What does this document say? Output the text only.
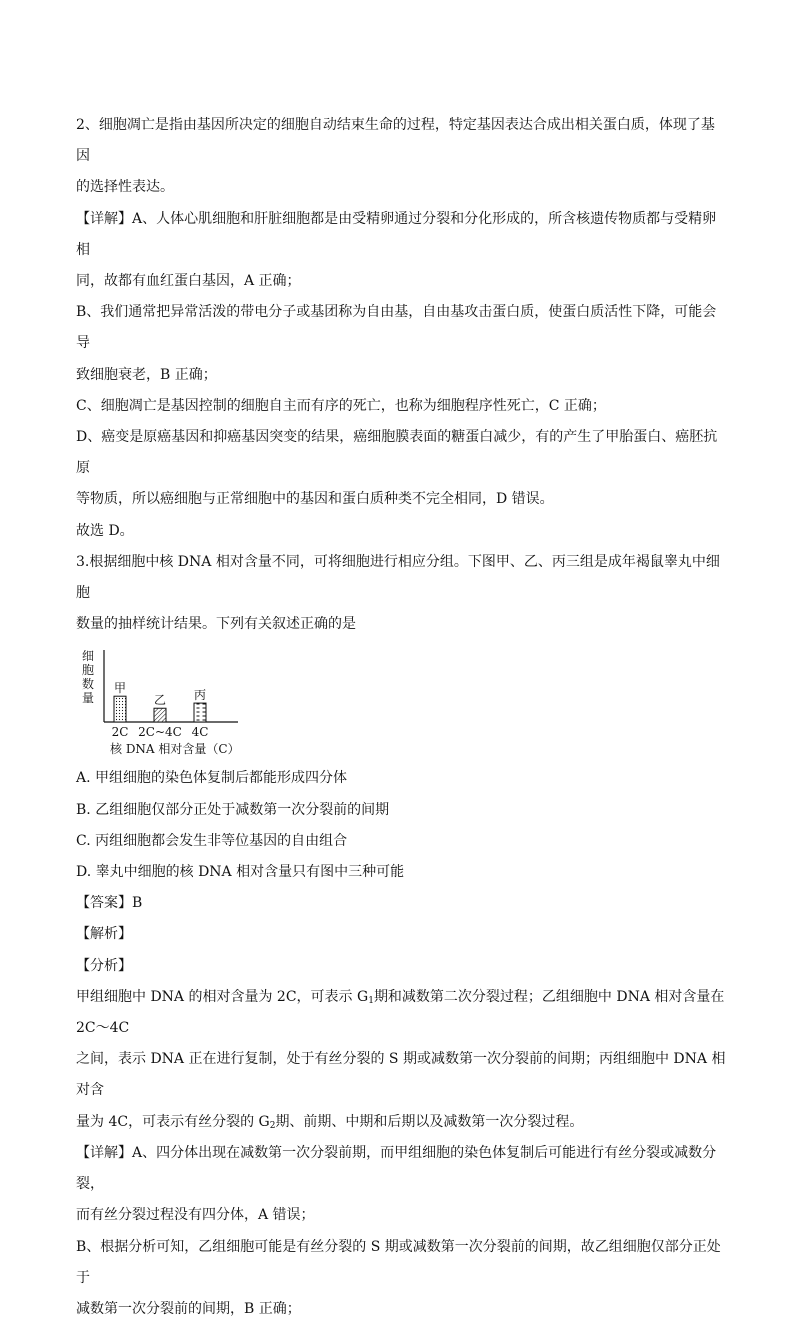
2、细胞凋亡是指由基因所决定的细胞自动结束生命的过程，特定基因表达合成出相关蛋白质，体现了基因

的选择性表达。

【详解】A、人体心肌细胞和肝脏细胞都是由受精卵通过分裂和分化形成的，所含核遗传物质都与受精卵相

同，故都有血红蛋白基因，A 正确；

B、我们通常把异常活泼的带电分子或基团称为自由基，自由基攻击蛋白质，使蛋白质活性下降，可能会导

致细胞衰老，B 正确；

C、细胞凋亡是基因控制的细胞自主而有序的死亡，也称为细胞程序性死亡，C 正确；

D、癌变是原癌基因和抑癌基因突变的结果，癌细胞膜表面的糖蛋白减少，有的产生了甲胎蛋白、癌胚抗原

等物质，所以癌细胞与正常细胞中的基因和蛋白质种类不完全相同，D 错误。

故选 D。

3.根据细胞中核 DNA 相对含量不同，可将细胞进行相应分组。下图甲、乙、丙三组是成年褐鼠睾丸中细胞

数量的抽样统计结果。下列有关叙述正确的是

细
胞
数
量
甲
2C
乙
2C~4C
丙
4C
核 DNA 相对含量（C）

A. 甲组细胞的染色体复制后都能形成四分体

B. 乙组细胞仅部分正处于减数第一次分裂前的间期

C. 丙组细胞都会发生非等位基因的自由组合

D. 睾丸中细胞的核 DNA 相对含量只有图中三种可能

【答案】B

【解析】

【分析】

甲组细胞中 DNA 的相对含量为 2C，可表示 $G_1$期和减数第二次分裂过程；乙组细胞中 DNA 相对含量在 2C～4C

之间，表示 DNA 正在进行复制，处于有丝分裂的 S 期或减数第一次分裂前的间期；丙组细胞中 DNA 相对含

量为 4C，可表示有丝分裂的 $G_2$期、前期、中期和后期以及减数第一次分裂过程。

【详解】A、四分体出现在减数第一次分裂前期，而甲组细胞的染色体复制后可能进行有丝分裂或减数分裂，

而有丝分裂过程没有四分体，A 错误；

B、根据分析可知，乙组细胞可能是有丝分裂的 S 期或减数第一次分裂前的间期，故乙组细胞仅部分正处于

减数第一次分裂前的间期，B 正确；
